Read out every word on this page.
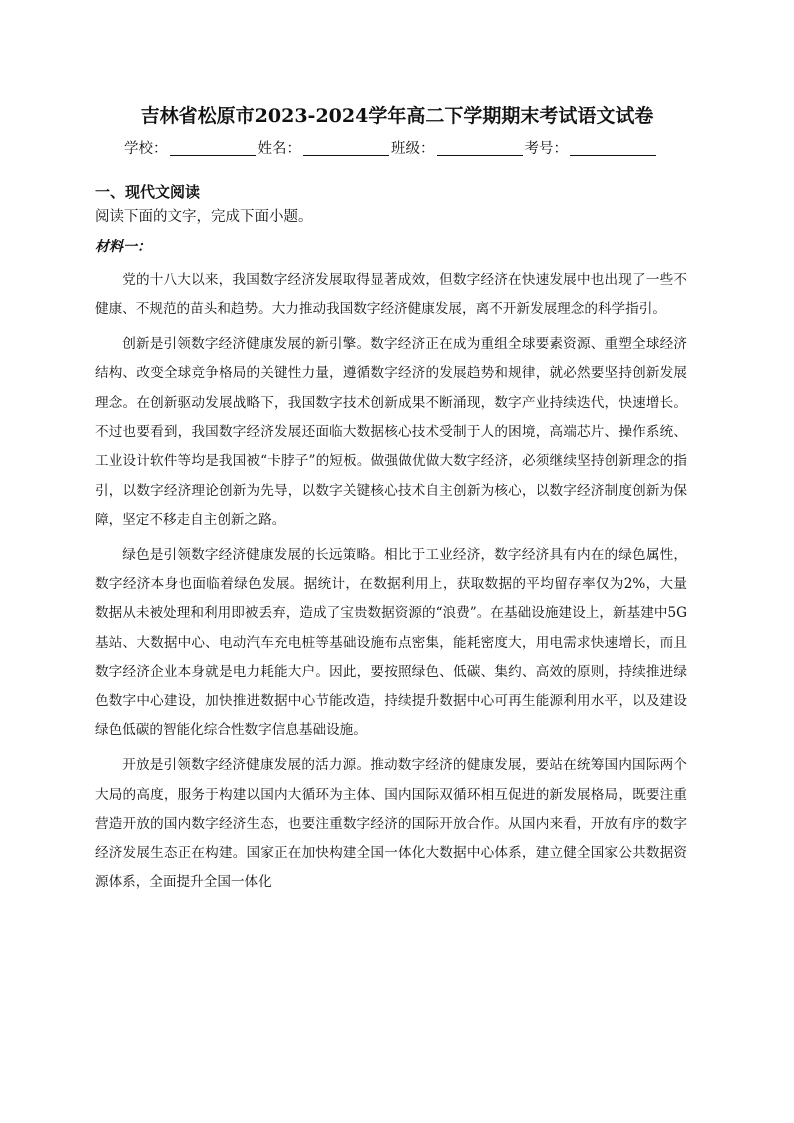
吉林省松原市2023-2024学年高二下学期期末考试语文试卷
学校：	姓名：	班级：	考号：
一、现代文阅读
阅读下面的文字，完成下面小题。
材料一：

党的十八大以来，我国数字经济发展取得显著成效，但数字经济在快速发展中也出现了一些不健康、不规范的苗头和趋势。大力推动我国数字经济健康发展，离不开新发展理念的科学指引。

创新是引领数字经济健康发展的新引擎。数字经济正在成为重组全球要素资源、重塑全球经济结构、改变全球竞争格局的关键性力量，遵循数字经济的发展趋势和规律，就必然要坚持创新发展理念。在创新驱动发展战略下，我国数字技术创新成果不断涌现，数字产业持续迭代，快速增长。不过也要看到，我国数字经济发展还面临大数据核心技术受制于人的困境，高端芯片、操作系统、工业设计软件等均是我国被“卡脖子”的短板。做强做优做大数字经济，必须继续坚持创新理念的指引，以数字经济理论创新为先导，以数字关键核心技术自主创新为核心，以数字经济制度创新为保障，坚定不移走自主创新之路。

绿色是引领数字经济健康发展的长远策略。相比于工业经济，数字经济具有内在的绿色属性，数字经济本身也面临着绿色发展。据统计，在数据利用上，获取数据的平均留存率仅为2%，大量数据从未被处理和利用即被丢弃，造成了宝贵数据资源的“浪费”。在基础设施建设上，新基建中5G基站、大数据中心、电动汽车充电桩等基础设施布点密集，能耗密度大，用电需求快速增长，而且数字经济企业本身就是电力耗能大户。因此，要按照绿色、低碳、集约、高效的原则，持续推进绿色数字中心建设，加快推进数据中心节能改造，持续提升数据中心可再生能源利用水平，以及建设绿色低碳的智能化综合性数字信息基础设施。

开放是引领数字经济健康发展的活力源。推动数字经济的健康发展，要站在统筹国内国际两个大局的高度，服务于构建以国内大循环为主体、国内国际双循环相互促进的新发展格局，既要注重营造开放的国内数字经济生态，也要注重数字经济的国际开放合作。从国内来看，开放有序的数字经济发展生态正在构建。国家正在加快构建全国一体化大数据中心体系，建立健全国家公共数据资源体系，全面提升全国一体化
